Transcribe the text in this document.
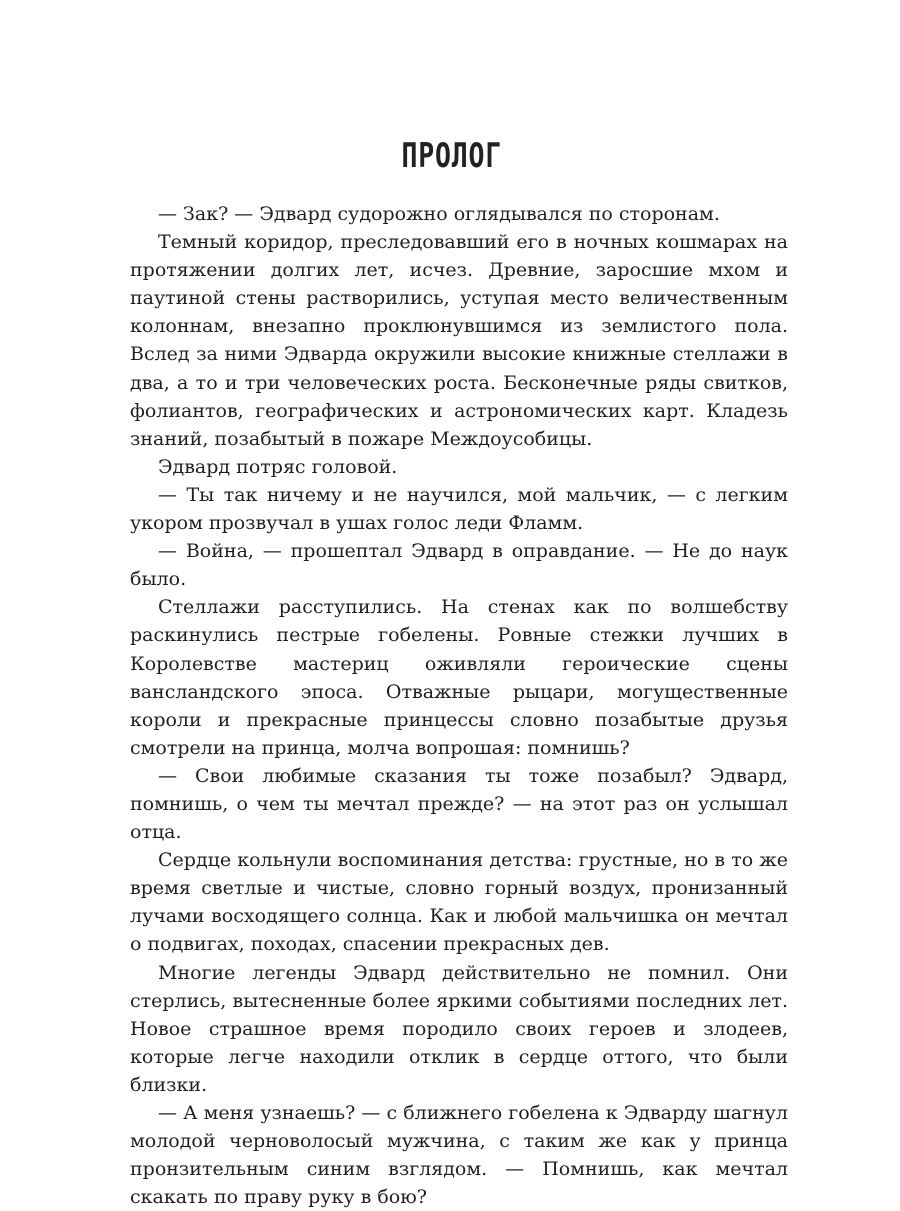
ПРОЛОГ

— Зак? — Эдвард судорожно оглядывался по сторонам.

Темный коридор, преследовавший его в ночных кошмарах на протяжении долгих лет, исчез. Древние, заросшие мхом и паутиной стены растворились, уступая место величественным колоннам, внезапно проклюнувшимся из землистого пола. Вслед за ними Эдварда окружили высокие книжные стеллажи в два, а то и три человеческих роста. Бесконечные ряды свитков, фолиантов, географических и астрономических карт. Кладезь знаний, позабытый в пожаре Междоусобицы.

Эдвард потряс головой.

— Ты так ничему и не научился, мой мальчик, — с легким укором прозвучал в ушах голос леди Фламм.

— Война, — прошептал Эдвард в оправдание. — Не до наук было.

Стеллажи расступились. На стенах как по волшебству раскинулись пестрые гобелены. Ровные стежки лучших в Королевстве мастериц оживляли героические сцены вансландского эпоса. Отважные рыцари, могущественные короли и прекрасные принцессы словно позабытые друзья смотрели на принца, молча вопрошая: помнишь?

— Свои любимые сказания ты тоже позабыл? Эдвард, помнишь, о чем ты мечтал прежде? — на этот раз он услышал отца.

Сердце кольнули воспоминания детства: грустные, но в то же время светлые и чистые, словно горный воздух, пронизанный лучами восходящего солнца. Как и любой мальчишка он мечтал о подвигах, походах, спасении прекрасных дев.

Многие легенды Эдвард действительно не помнил. Они стерлись, вытесненные более яркими событиями последних лет. Новое страшное время породило своих героев и злодеев, которые легче находили отклик в сердце оттого, что были близки.

— А меня узнаешь? — с ближнего гобелена к Эдварду шагнул молодой черноволосый мужчина, с таким же как у принца пронзительным синим взглядом. — Помнишь, как мечтал скакать по праву руку в бою?
